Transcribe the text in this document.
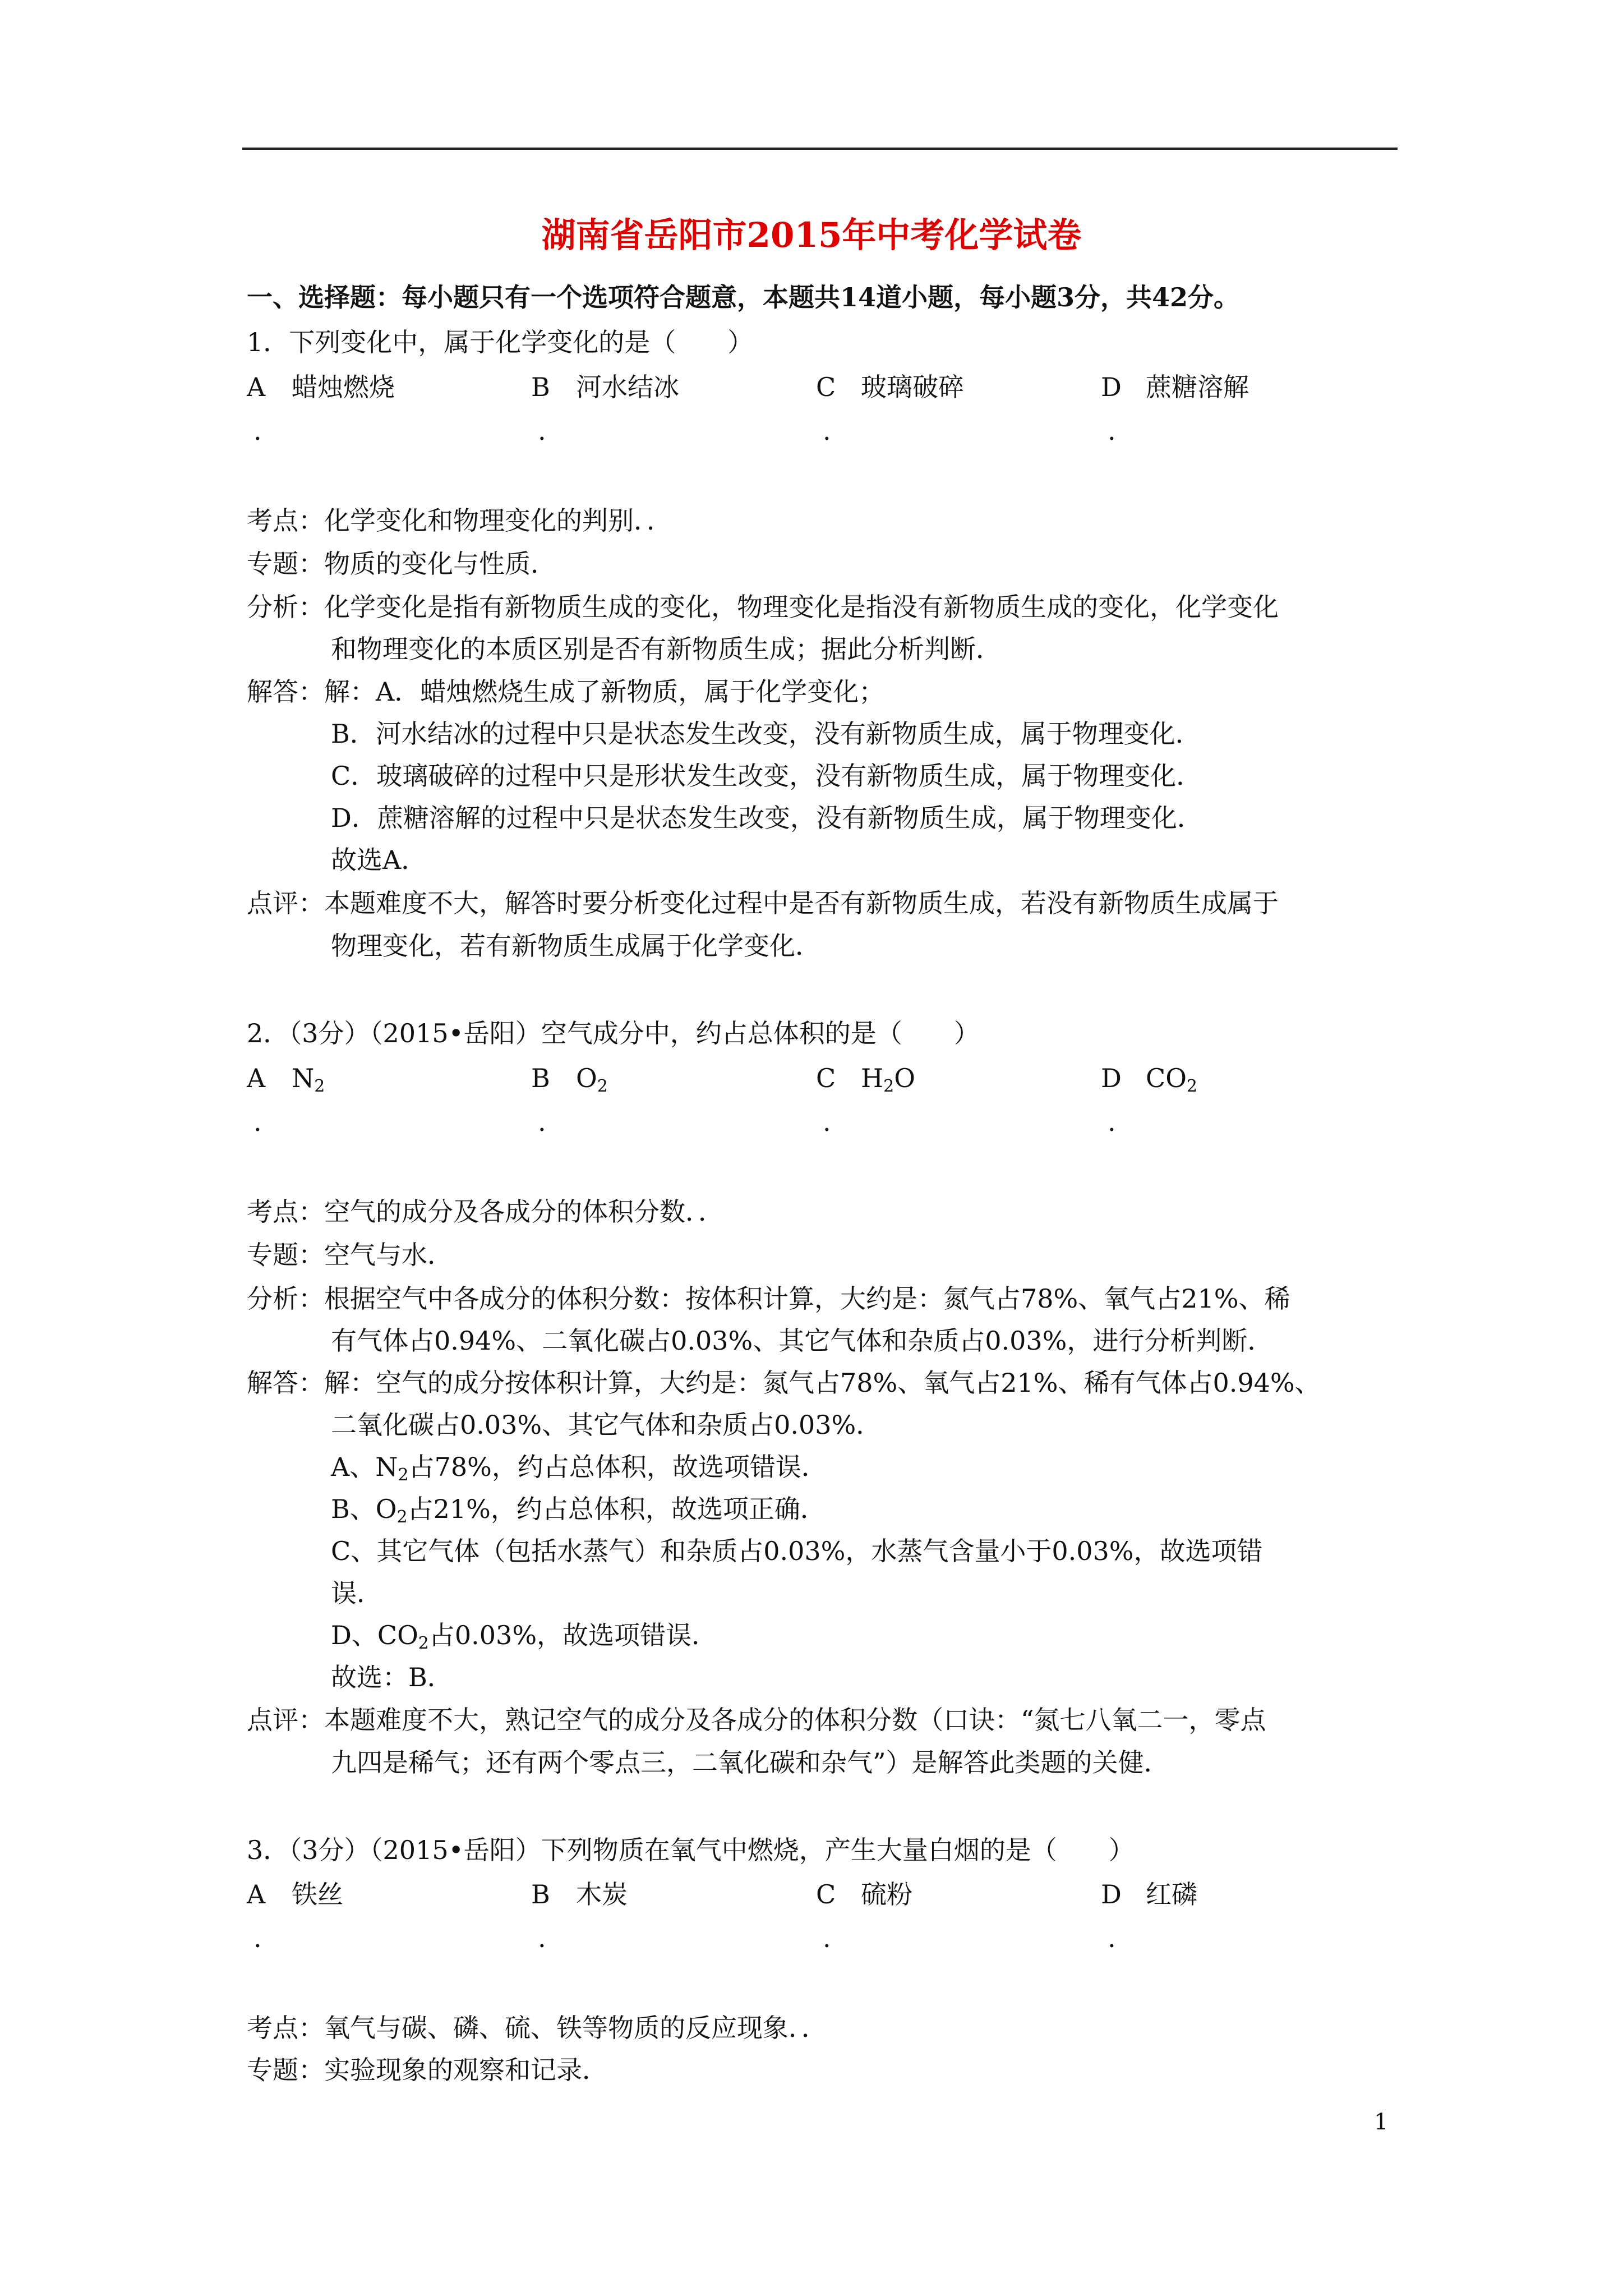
湖南省岳阳市2015年中考化学试卷
一、选择题：每小题只有一个选项符合题意，本题共14道小题，每小题3分，共42分。
1．下列变化中，属于化学变化的是（　　）
A 蜡烛燃烧	B 河水结冰	C 玻璃破碎	D 蔗糖溶解
.	.	.	.
考点：化学变化和物理变化的判别．．
专题：物质的变化与性质．
分析：化学变化是指有新物质生成的变化，物理变化是指没有新物质生成的变化，化学变化
和物理变化的本质区别是否有新物质生成；据此分析判断．
解答：解：A．蜡烛燃烧生成了新物质，属于化学变化；
B．河水结冰的过程中只是状态发生改变，没有新物质生成，属于物理变化．
C．玻璃破碎的过程中只是形状发生改变，没有新物质生成，属于物理变化．
D．蔗糖溶解的过程中只是状态发生改变，没有新物质生成，属于物理变化．
故选A．
点评：本题难度不大，解答时要分析变化过程中是否有新物质生成，若没有新物质生成属于
物理变化，若有新物质生成属于化学变化．
2．（3分）（2015•岳阳）空气成分中，约占总体积的是（　　）
A $N_2$	B $O_2$	C $H_2O$	D $CO_2$
.	.	.	.
考点：空气的成分及各成分的体积分数．．
专题：空气与水．
分析：根据空气中各成分的体积分数：按体积计算，大约是：氮气占78%、氧气占21%、稀
有气体占0.94%、二氧化碳占0.03%、其它气体和杂质占0.03%，进行分析判断．
解答：解：空气的成分按体积计算，大约是：氮气占78%、氧气占21%、稀有气体占0.94%、
二氧化碳占0.03%、其它气体和杂质占0.03%．
A、$N_2$占78%，约占总体积，故选项错误．
B、$O_2$占21%，约占总体积，故选项正确．
C、其它气体（包括水蒸气）和杂质占0.03%，水蒸气含量小于0.03%，故选项错
误．
D、$CO_2$占0.03%，故选项错误．
故选：B．
点评：本题难度不大，熟记空气的成分及各成分的体积分数（口诀：“氮七八氧二一，零点
九四是稀气；还有两个零点三，二氧化碳和杂气”）是解答此类题的关健．
3．（3分）（2015•岳阳）下列物质在氧气中燃烧，产生大量白烟的是（　　）
A 铁丝	B 木炭	C 硫粉	D 红磷
.	.	.	.
考点：氧气与碳、磷、硫、铁等物质的反应现象．．
专题：实验现象的观察和记录．
1
